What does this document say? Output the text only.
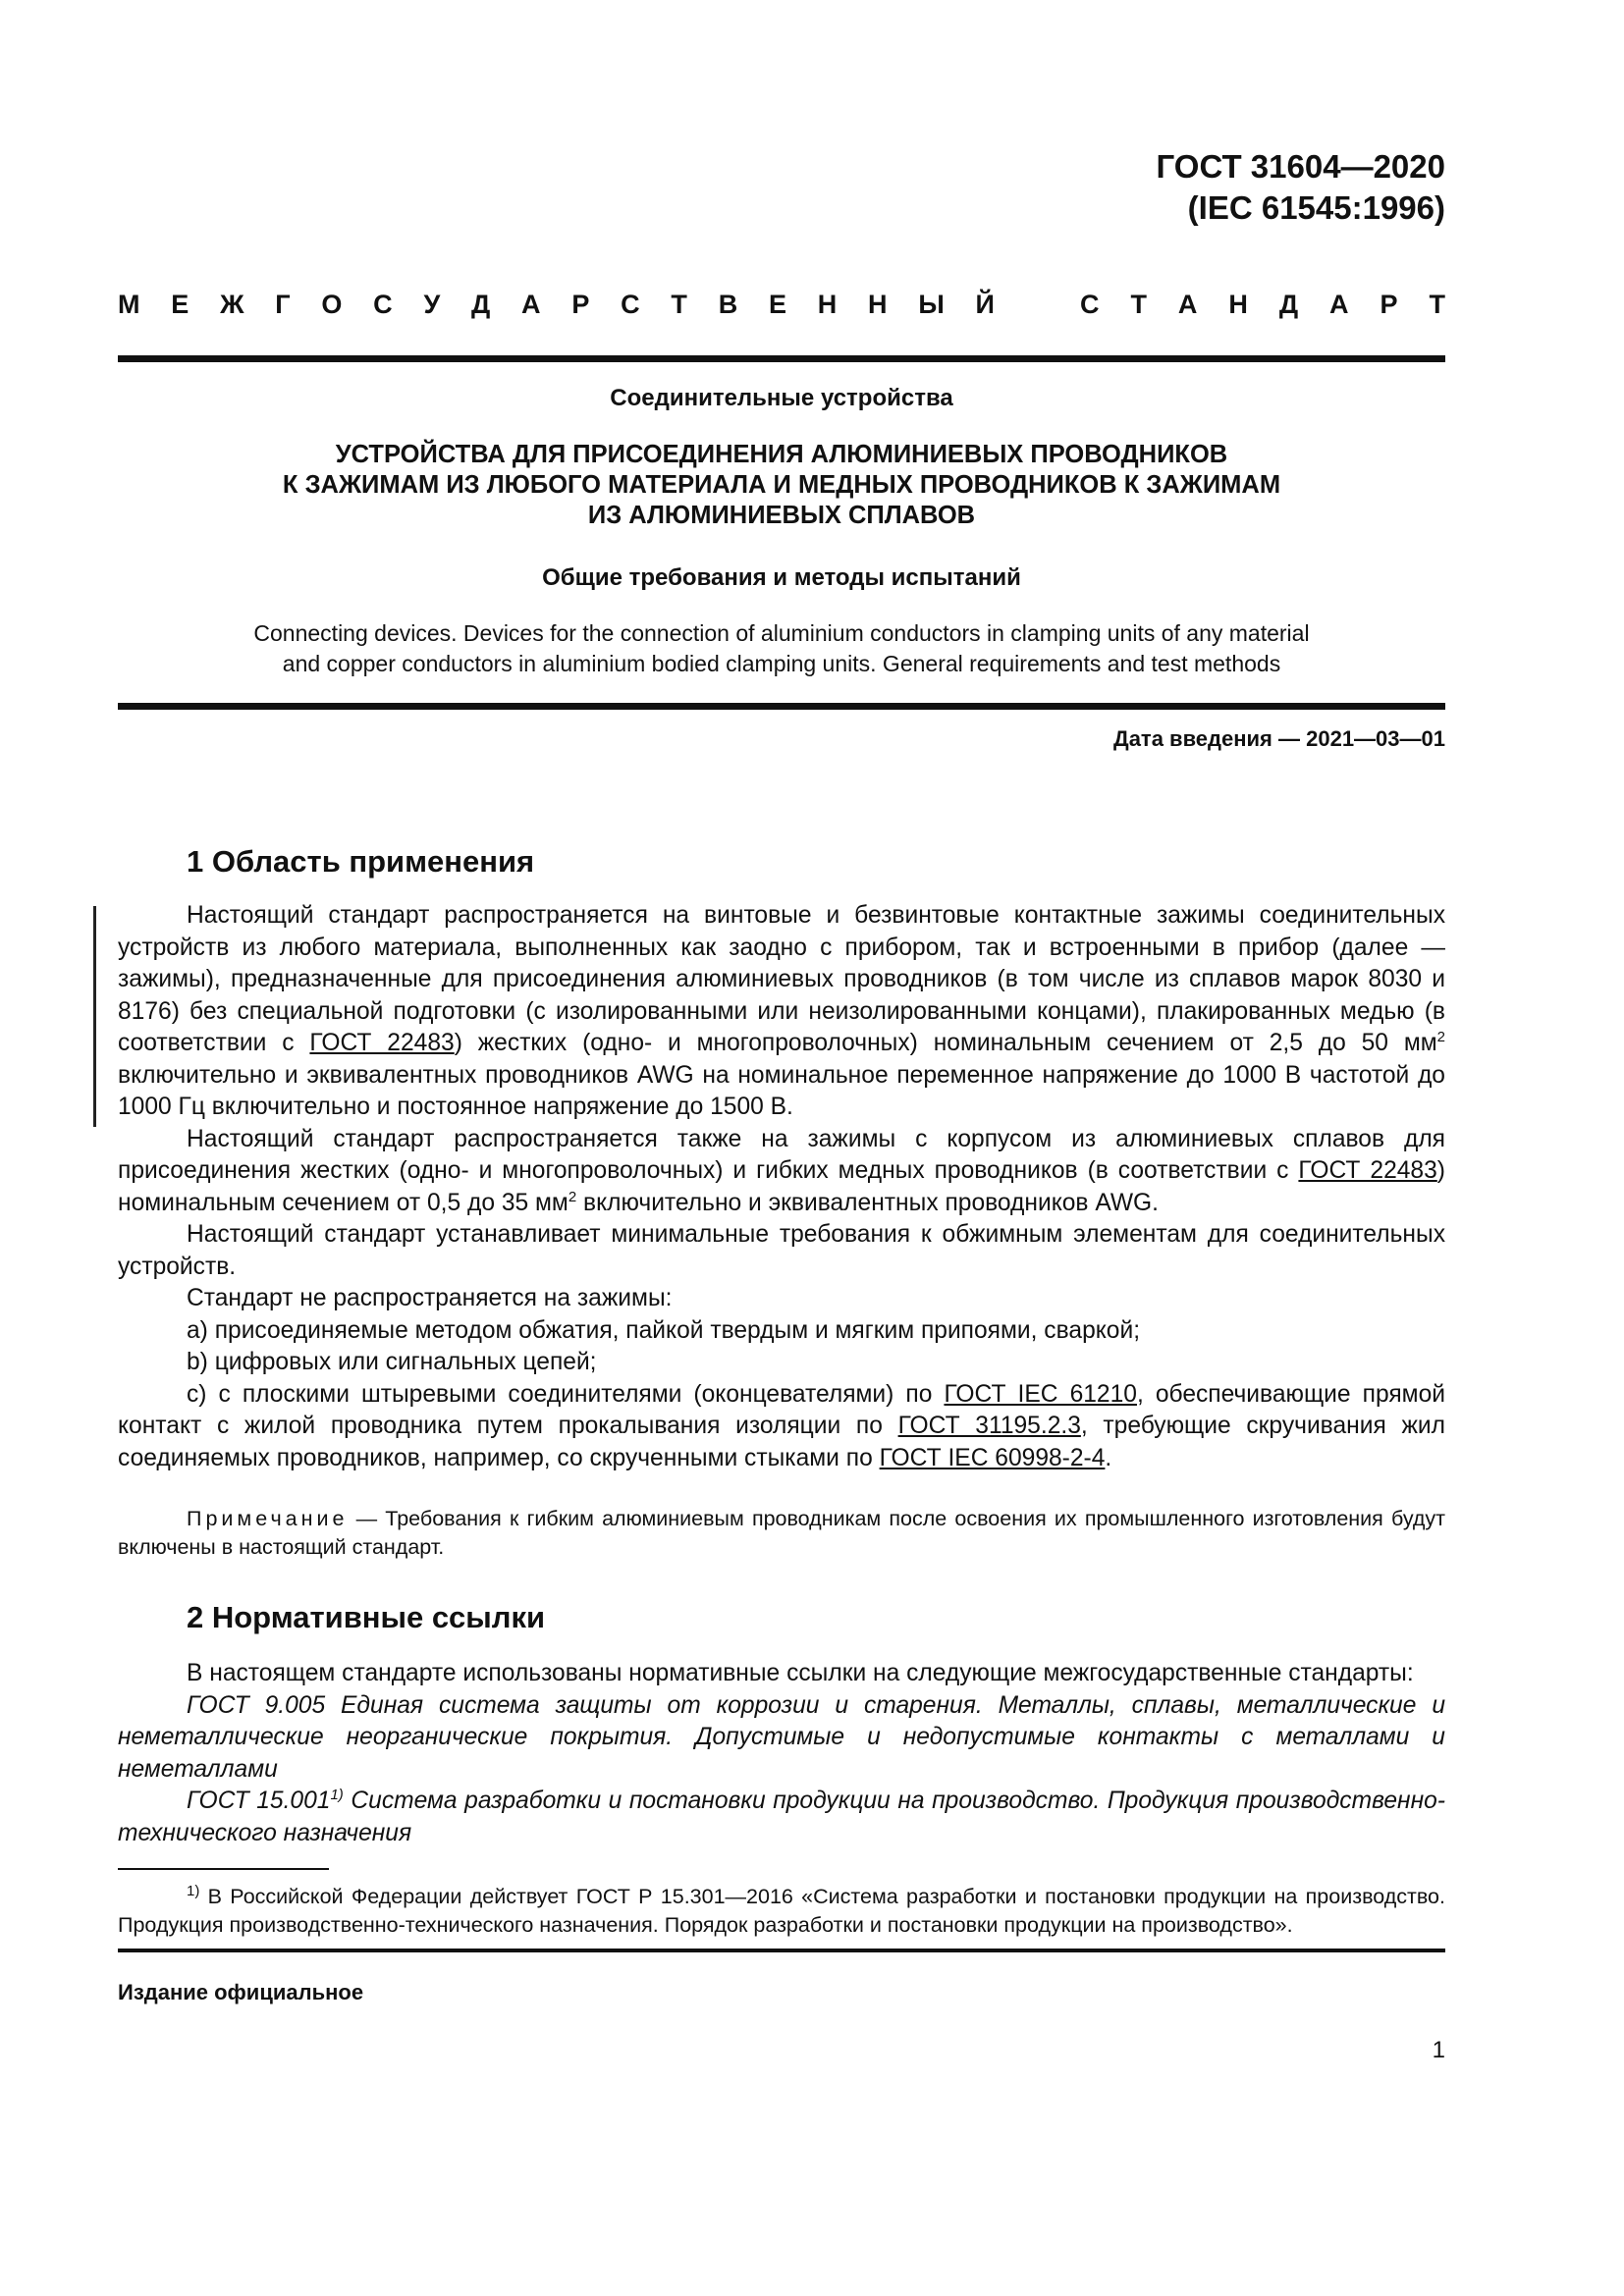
ГОСТ 31604—2020
(IEC 61545:1996)
М Е Ж Г О С У Д А Р С Т В Е Н Н Ы Й	С Т А Н Д А Р Т
Соединительные устройства
УСТРОЙСТВА ДЛЯ ПРИСОЕДИНЕНИЯ АЛЮМИНИЕВЫХ ПРОВОДНИКОВ
К ЗАЖИМАМ ИЗ ЛЮБОГО МАТЕРИАЛА И МЕДНЫХ ПРОВОДНИКОВ К ЗАЖИМАМ
ИЗ АЛЮМИНИЕВЫХ СПЛАВОВ
Общие требования и методы испытаний
Connecting devices. Devices for the connection of aluminium conductors in clamping units of any material
and copper conductors in aluminium bodied clamping units. General requirements and test methods
Дата введения — 2021—03—01
1 Область применения

Настоящий стандарт распространяется на винтовые и безвинтовые контактные зажимы соединительных устройств из любого материала, выполненных как заодно с прибором, так и встроенными в прибор (далее — зажимы), предназначенные для присоединения алюминиевых проводников (в том числе из сплавов марок 8030 и 8176) без специальной подготовки (с изолированными или неизолированными концами), плакированных медью (в соответствии с ГОСТ 22483) жестких (одно- и многопроволочных) номинальным сечением от 2,5 до 50 $мм^2$ включительно и эквивалентных проводников AWG на номинальное переменное напряжение до 1000 В частотой до 1000 Гц включительно и постоянное напряжение до 1500 В.

Настоящий стандарт распространяется также на зажимы с корпусом из алюминиевых сплавов для присоединения жестких (одно- и многопроволочных) и гибких медных проводников (в соответствии с ГОСТ 22483) номинальным сечением от 0,5 до 35 $мм^2$ включительно и эквивалентных проводников AWG.

Настоящий стандарт устанавливает минимальные требования к обжимным элементам для соединительных устройств.

Стандарт не распространяется на зажимы:

а) присоединяемые методом обжатия, пайкой твердым и мягким припоями, сваркой;

b) цифровых или сигнальных цепей;

с) с плоскими штыревыми соединителями (оконцевателями) по ГОСТ IEC 61210, обеспечивающие прямой контакт с жилой проводника путем прокалывания изоляции по ГОСТ 31195.2.3, требующие скручивания жил соединяемых проводников, например, со скрученными стыками по ГОСТ IEC 60998-2-4.

Примечание — Требования к гибким алюминиевым проводникам после освоения их промышленного изготовления будут включены в настоящий стандарт.

2 Нормативные ссылки

В настоящем стандарте использованы нормативные ссылки на следующие межгосударственные стандарты:

ГОСТ 9.005 Единая система защиты от коррозии и старения. Металлы, сплавы, металлические и неметаллические неорганические покрытия. Допустимые и недопустимые контакты с металлами и неметаллами

ГОСТ 15.001$^{1)}$ Система разработки и постановки продукции на производство. Продукция производственно-технического назначения

$^{1)}$ В Российской Федерации действует ГОСТ Р 15.301—2016 «Система разработки и постановки продукции на производство. Продукция производственно-технического назначения. Порядок разработки и постановки продукции на производство».

Издание официальное
1
